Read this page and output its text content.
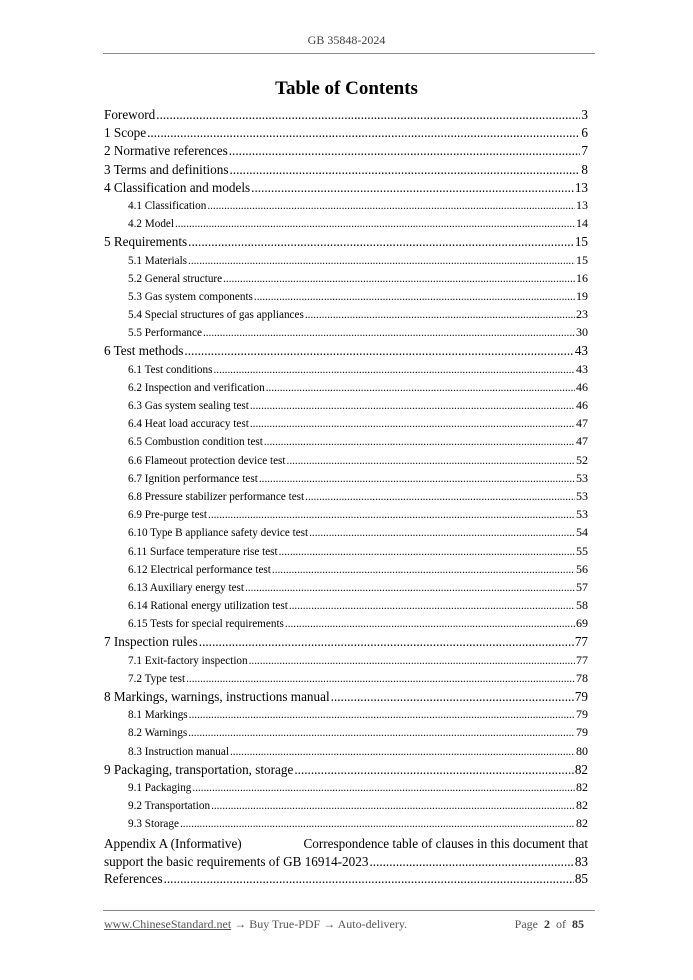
GB 35848-2024
Table of Contents
Foreword .....	3
1 Scope .....	6
2 Normative references .....	7
3 Terms and definitions .....	8
4 Classification and models .....	13
4.1 Classification .....	13
4.2 Model .....	14
5 Requirements .....	15
5.1 Materials .....	15
5.2 General structure .....	16
5.3 Gas system components .....	19
5.4 Special structures of gas appliances .....	23
5.5 Performance .....	30
6 Test methods .....	43
6.1 Test conditions .....	43
6.2 Inspection and verification .....	46
6.3 Gas system sealing test .....	46
6.4 Heat load accuracy test .....	47
6.5 Combustion condition test .....	47
6.6 Flameout protection device test .....	52
6.7 Ignition performance test .....	53
6.8 Pressure stabilizer performance test .....	53
6.9 Pre-purge test .....	53
6.10 Type B appliance safety device test .....	54
6.11 Surface temperature rise test .....	55
6.12 Electrical performance test .....	56
6.13 Auxiliary energy test .....	57
6.14 Rational energy utilization test .....	58
6.15 Tests for special requirements .....	69
7 Inspection rules .....	77
7.1 Exit-factory inspection .....	77
7.2 Type test .....	78
8 Markings, warnings, instructions manual .....	79
8.1 Markings .....	79
8.2 Warnings .....	79
8.3 Instruction manual .....	80
9 Packaging, transportation, storage .....	82
9.1 Packaging .....	82
9.2 Transportation .....	82
9.3 Storage .....	82
Appendix A (Informative)	Correspondence table of clauses in this document that
support the basic requirements of GB 16914-2023 .....	83
References .....	85
www.ChineseStandard.net → Buy True-PDF → Auto-delivery.	Page 2 of 85
